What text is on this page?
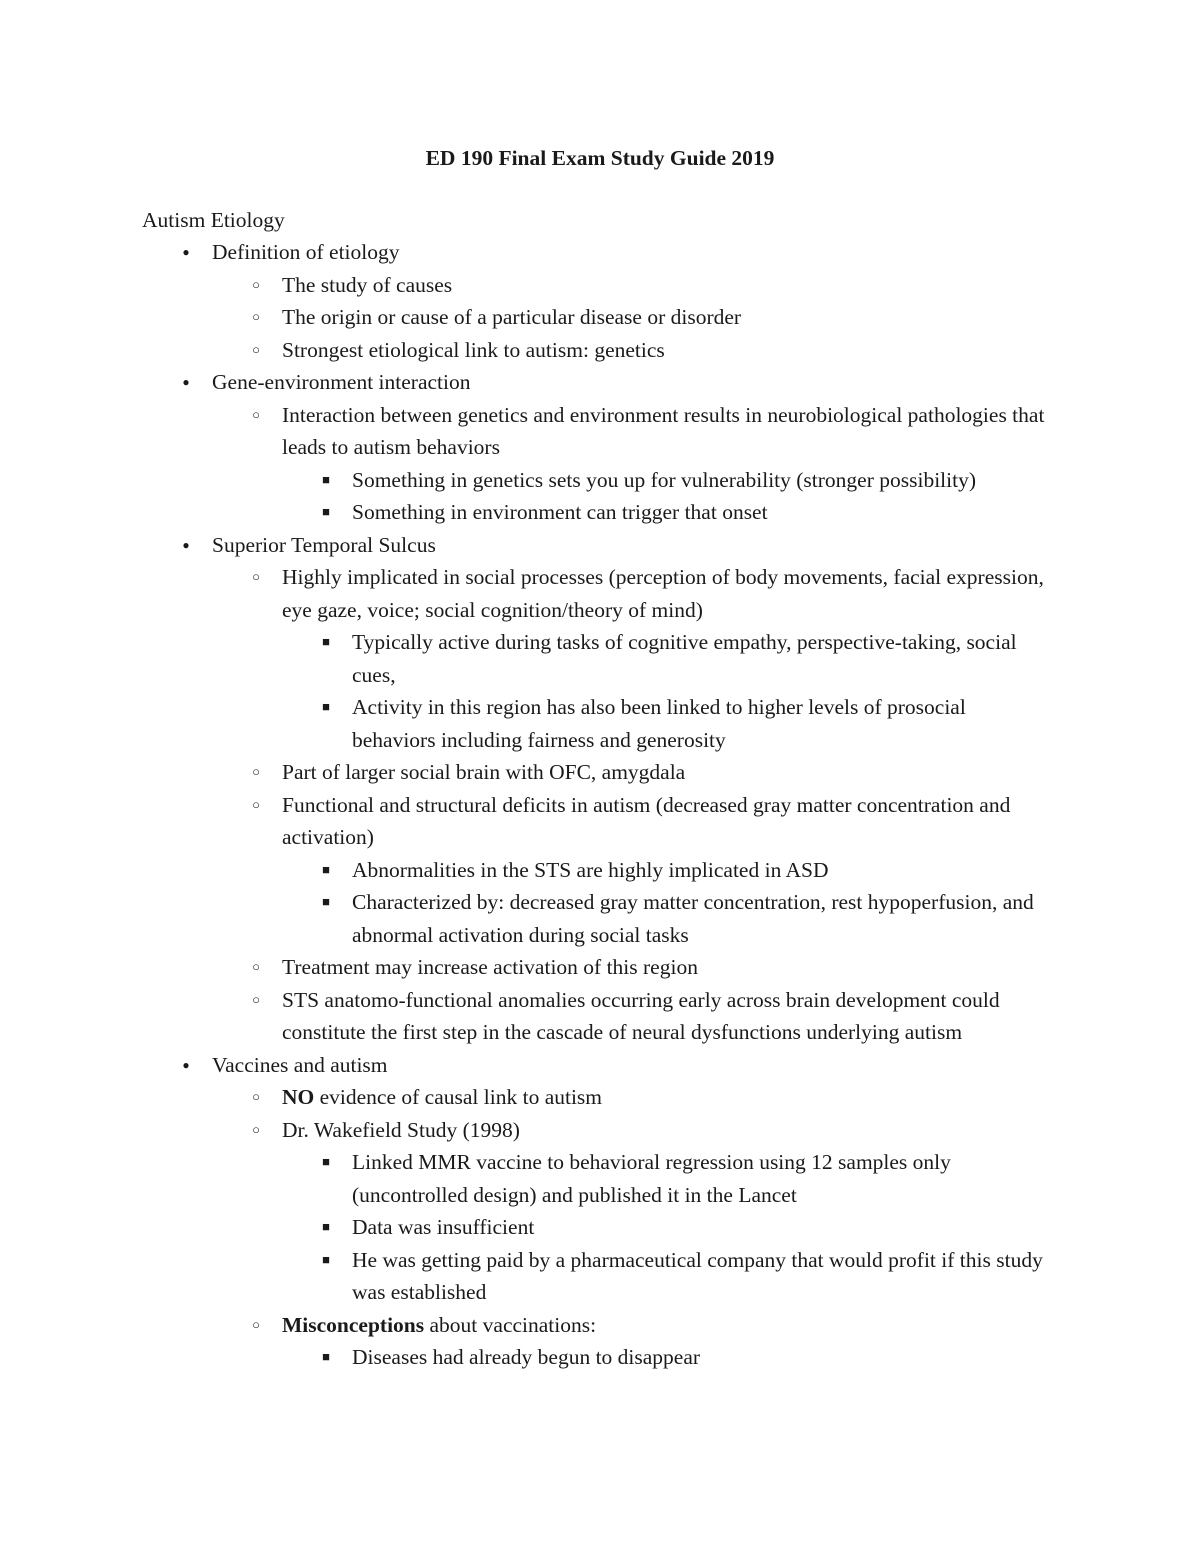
ED 190 Final Exam Study Guide 2019
Autism Etiology
●
Definition of etiology
○
The study of causes
○
The origin or cause of a particular disease or disorder
○
Strongest etiological link to autism: genetics
●
Gene-environment interaction
○
Interaction between genetics and environment results in neurobiological pathologies that leads to autism behaviors
■
Something in genetics sets you up for vulnerability (stronger possibility)
■
Something in environment can trigger that onset
●
Superior Temporal Sulcus
○
Highly implicated in social processes (perception of body movements, facial expression, eye gaze, voice; social cognition/theory of mind)
■
Typically active during tasks of cognitive empathy, perspective-taking, social cues,
■
Activity in this region has also been linked to higher levels of prosocial behaviors including fairness and generosity
○
Part of larger social brain with OFC, amygdala
○
Functional and structural deficits in autism (decreased gray matter concentration and activation)
■
Abnormalities in the STS are highly implicated in ASD
■
Characterized by: decreased gray matter concentration, rest hypoperfusion, and abnormal activation during social tasks
○
Treatment may increase activation of this region
○
STS anatomo-functional anomalies occurring early across brain development could constitute the first step in the cascade of neural dysfunctions underlying autism
●
Vaccines and autism
○
NO evidence of causal link to autism
○
Dr. Wakefield Study (1998)
■
Linked MMR vaccine to behavioral regression using 12 samples only (uncontrolled design) and published it in the Lancet
■
Data was insufficient
■
He was getting paid by a pharmaceutical company that would profit if this study was established
○
Misconceptions about vaccinations:
■
Diseases had already begun to disappear
